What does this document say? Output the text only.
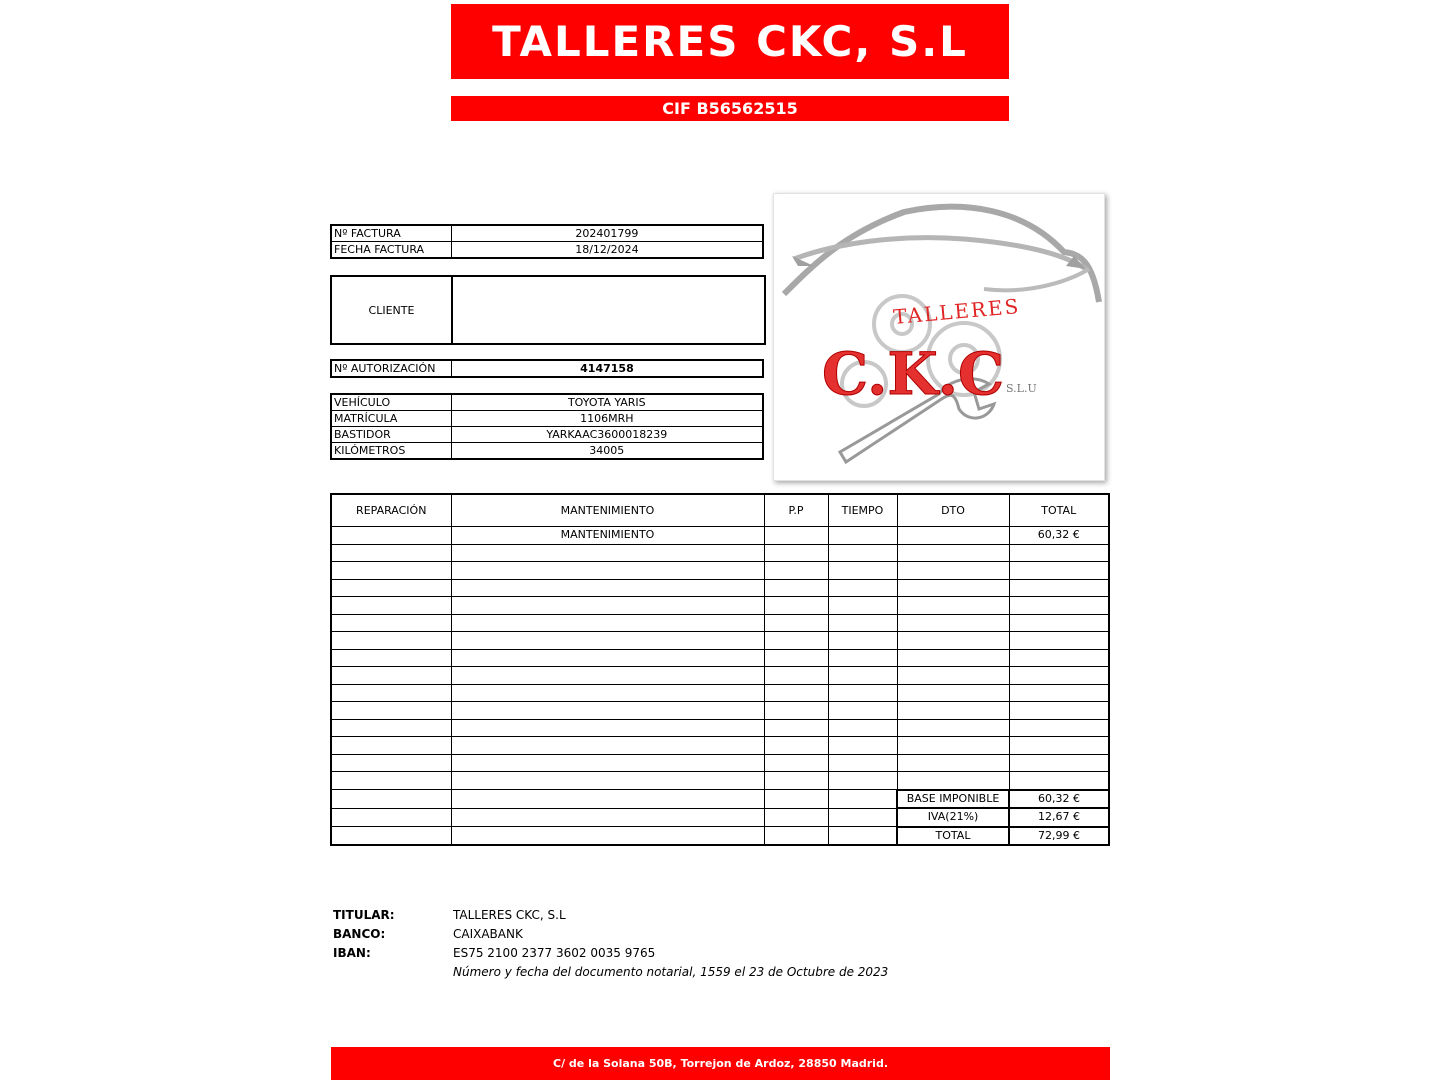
TALLERES CKC, S.L
CIF B56562515
Nº FACTURA	202401799
FECHA FACTURA	18/12/2024
CLIENTE
Nº AUTORIZACIÓN	4147158
VEHÍCULO	TOYOTA YARIS
MATRÍCULA	1106MRH
BASTIDOR	YARKAAC3600018239
KILÓMETROS	34005
TALLERES
C.K.C S.L.U
REPARACIÓN	MANTENIMIENTO	P.P	TIEMPO	DTO	TOTAL
	MANTENIMIENTO				60,32 €

				BASE IMPONIBLE	60,32 €
				IVA(21%)	12,67 €
				TOTAL	72,99 €
TITULAR:	TALLERES CKC, S.L
BANCO:	CAIXABANK
IBAN:	ES75 2100 2377 3602 0035 9765
Número y fecha del documento notarial, 1559 el 23 de Octubre de 2023
C/ de la Solana 50B, Torrejon de Ardoz, 28850 Madrid.
